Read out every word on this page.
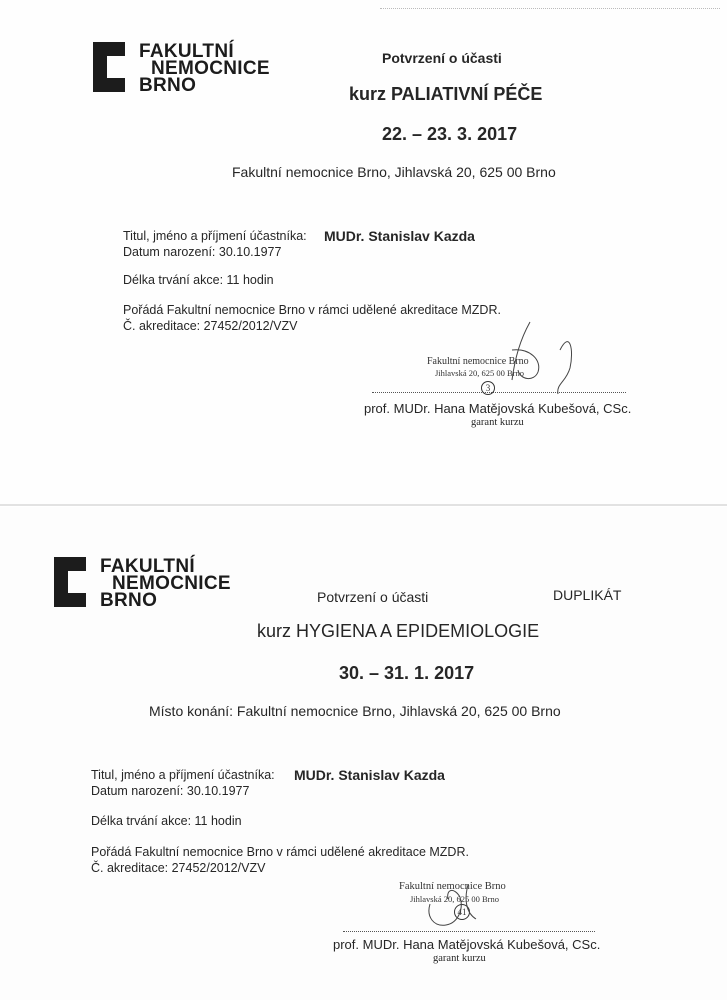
FAKULTNÍ
NEMOCNICE
BRNO
Potvrzení o účasti
kurz PALIATIVNÍ PÉČE
22. – 23. 3. 2017
Fakultní nemocnice Brno, Jihlavská 20, 625 00 Brno
Titul, jméno a příjmení účastníka: MUDr. Stanislav Kazda
Datum narození: 30.10.1977
Délka trvání akce: 11 hodin
Pořádá Fakultní nemocnice Brno v rámci udělené akreditace MZDR.
Č. akreditace: 27452/2012/VZV
Fakultní nemocnice Brno
Jihlavská 20, 625 00 Brno
3
prof. MUDr. Hana Matějovská Kubešová, CSc.
garant kurzu
FAKULTNÍ
NEMOCNICE
BRNO	Potvrzení o účasti	DUPLIKÁT
kurz HYGIENA A EPIDEMIOLOGIE
30. – 31. 1. 2017
Místo konání: Fakultní nemocnice Brno, Jihlavská 20, 625 00 Brno
Titul, jméno a příjmení účastníka: MUDr. Stanislav Kazda
Datum narození: 30.10.1977
Délka trvání akce: 11 hodin
Pořádá Fakultní nemocnice Brno v rámci udělené akreditace MZDR.
Č. akreditace: 27452/2012/VZV
Fakultní nemocnice Brno
Jihlavská 20, 625 00 Brno
41
prof. MUDr. Hana Matějovská Kubešová, CSc.
garant kurzu
